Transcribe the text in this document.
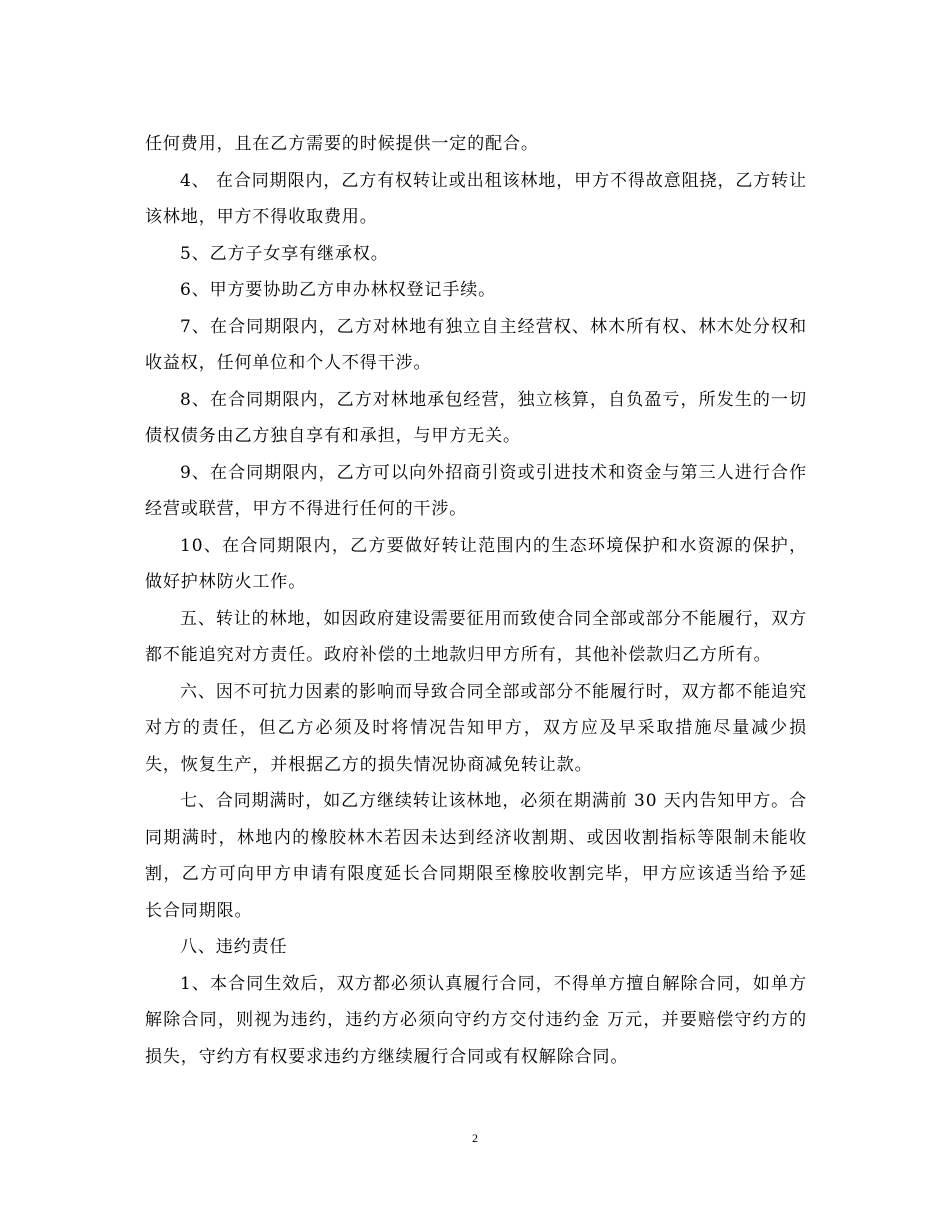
任何费用，且在乙方需要的时候提供一定的配合。

4、 在合同期限内，乙方有权转让或出租该林地，甲方不得故意阻挠，乙方转让该林地，甲方不得收取费用。

5、乙方子女享有继承权。

6、甲方要协助乙方申办林权登记手续。

7、在合同期限内，乙方对林地有独立自主经营权、林木所有权、林木处分权和收益权，任何单位和个人不得干涉。

8、在合同期限内，乙方对林地承包经营，独立核算，自负盈亏，所发生的一切债权债务由乙方独自享有和承担，与甲方无关。

9、在合同期限内，乙方可以向外招商引资或引进技术和资金与第三人进行合作经营或联营，甲方不得进行任何的干涉。

10、在合同期限内，乙方要做好转让范围内的生态环境保护和水资源的保护，做好护林防火工作。

五、转让的林地，如因政府建设需要征用而致使合同全部或部分不能履行，双方都不能追究对方责任。政府补偿的土地款归甲方所有，其他补偿款归乙方所有。

六、因不可抗力因素的影响而导致合同全部或部分不能履行时，双方都不能追究对方的责任，但乙方必须及时将情况告知甲方，双方应及早采取措施尽量减少损失，恢复生产，并根据乙方的损失情况协商减免转让款。

七、合同期满时，如乙方继续转让该林地，必须在期满前 30 天内告知甲方。合同期满时，林地内的橡胶林木若因未达到经济收割期、或因收割指标等限制未能收割，乙方可向甲方申请有限度延长合同期限至橡胶收割完毕，甲方应该适当给予延长合同期限。

八、违约责任

1、本合同生效后，双方都必须认真履行合同，不得单方擅自解除合同，如单方解除合同，则视为违约，违约方必须向守约方交付违约金 万元，并要赔偿守约方的损失，守约方有权要求违约方继续履行合同或有权解除合同。

2
